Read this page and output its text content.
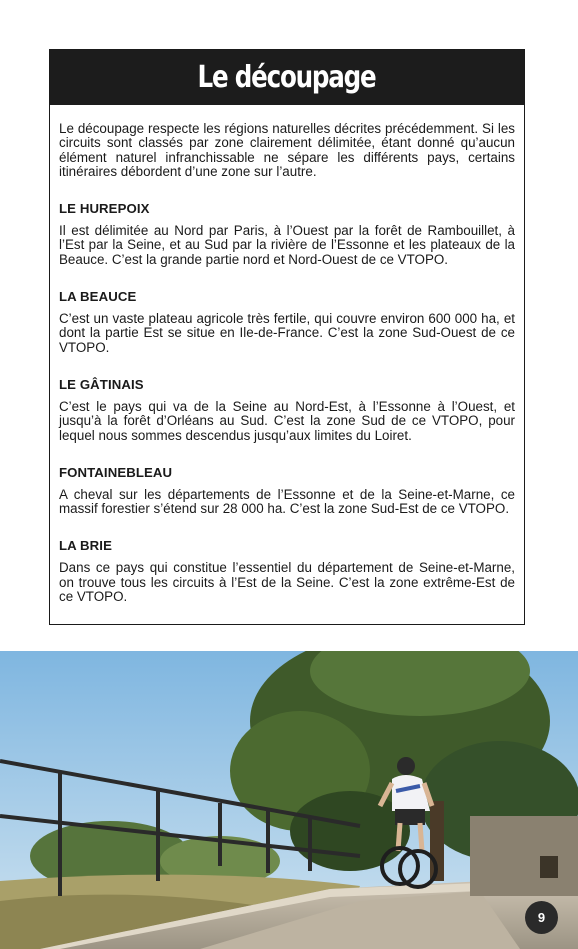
Le découpage

Le découpage respecte les régions naturelles décrites précédemment. Si les circuits sont classés par zone clairement délimitée, étant donné qu’aucun élément naturel infranchissable ne sépare les différents pays, certains itinéraires débordent d’une zone sur l’autre.

LE HUREPOIX

Il est délimitée au Nord par Paris, à l’Ouest par la forêt de Rambouillet, à l’Est par la Seine, et au Sud par la rivière de l’Essonne et les plateaux de la Beauce. C’est la grande partie nord et Nord-Ouest de ce VTOPO.

LA BEAUCE

C’est un vaste plateau agricole très fertile, qui couvre environ 600 000 ha, et dont la partie Est se situe en Ile-de-France. C’est la zone Sud-Ouest de ce VTOPO.

LE GÂTINAIS

C’est le pays qui va de la Seine au Nord-Est, à l’Essonne à l’Ouest, et jusqu’à la forêt d’Orléans au Sud. C’est la zone Sud de ce VTOPO, pour lequel nous sommes descendus jusqu’aux limites du Loiret.

FONTAINEBLEAU

A cheval sur les départements de l’Essonne et de la Seine-et-Marne, ce massif forestier s’étend sur 28 000 ha. C’est la zone Sud-Est de ce VTOPO.

LA BRIE

Dans ce pays qui constitue l’essentiel du département de Seine-et-Marne, on trouve tous les circuits à l’Est de la Seine. C’est la zone extrême-Est de ce VTOPO.

9
